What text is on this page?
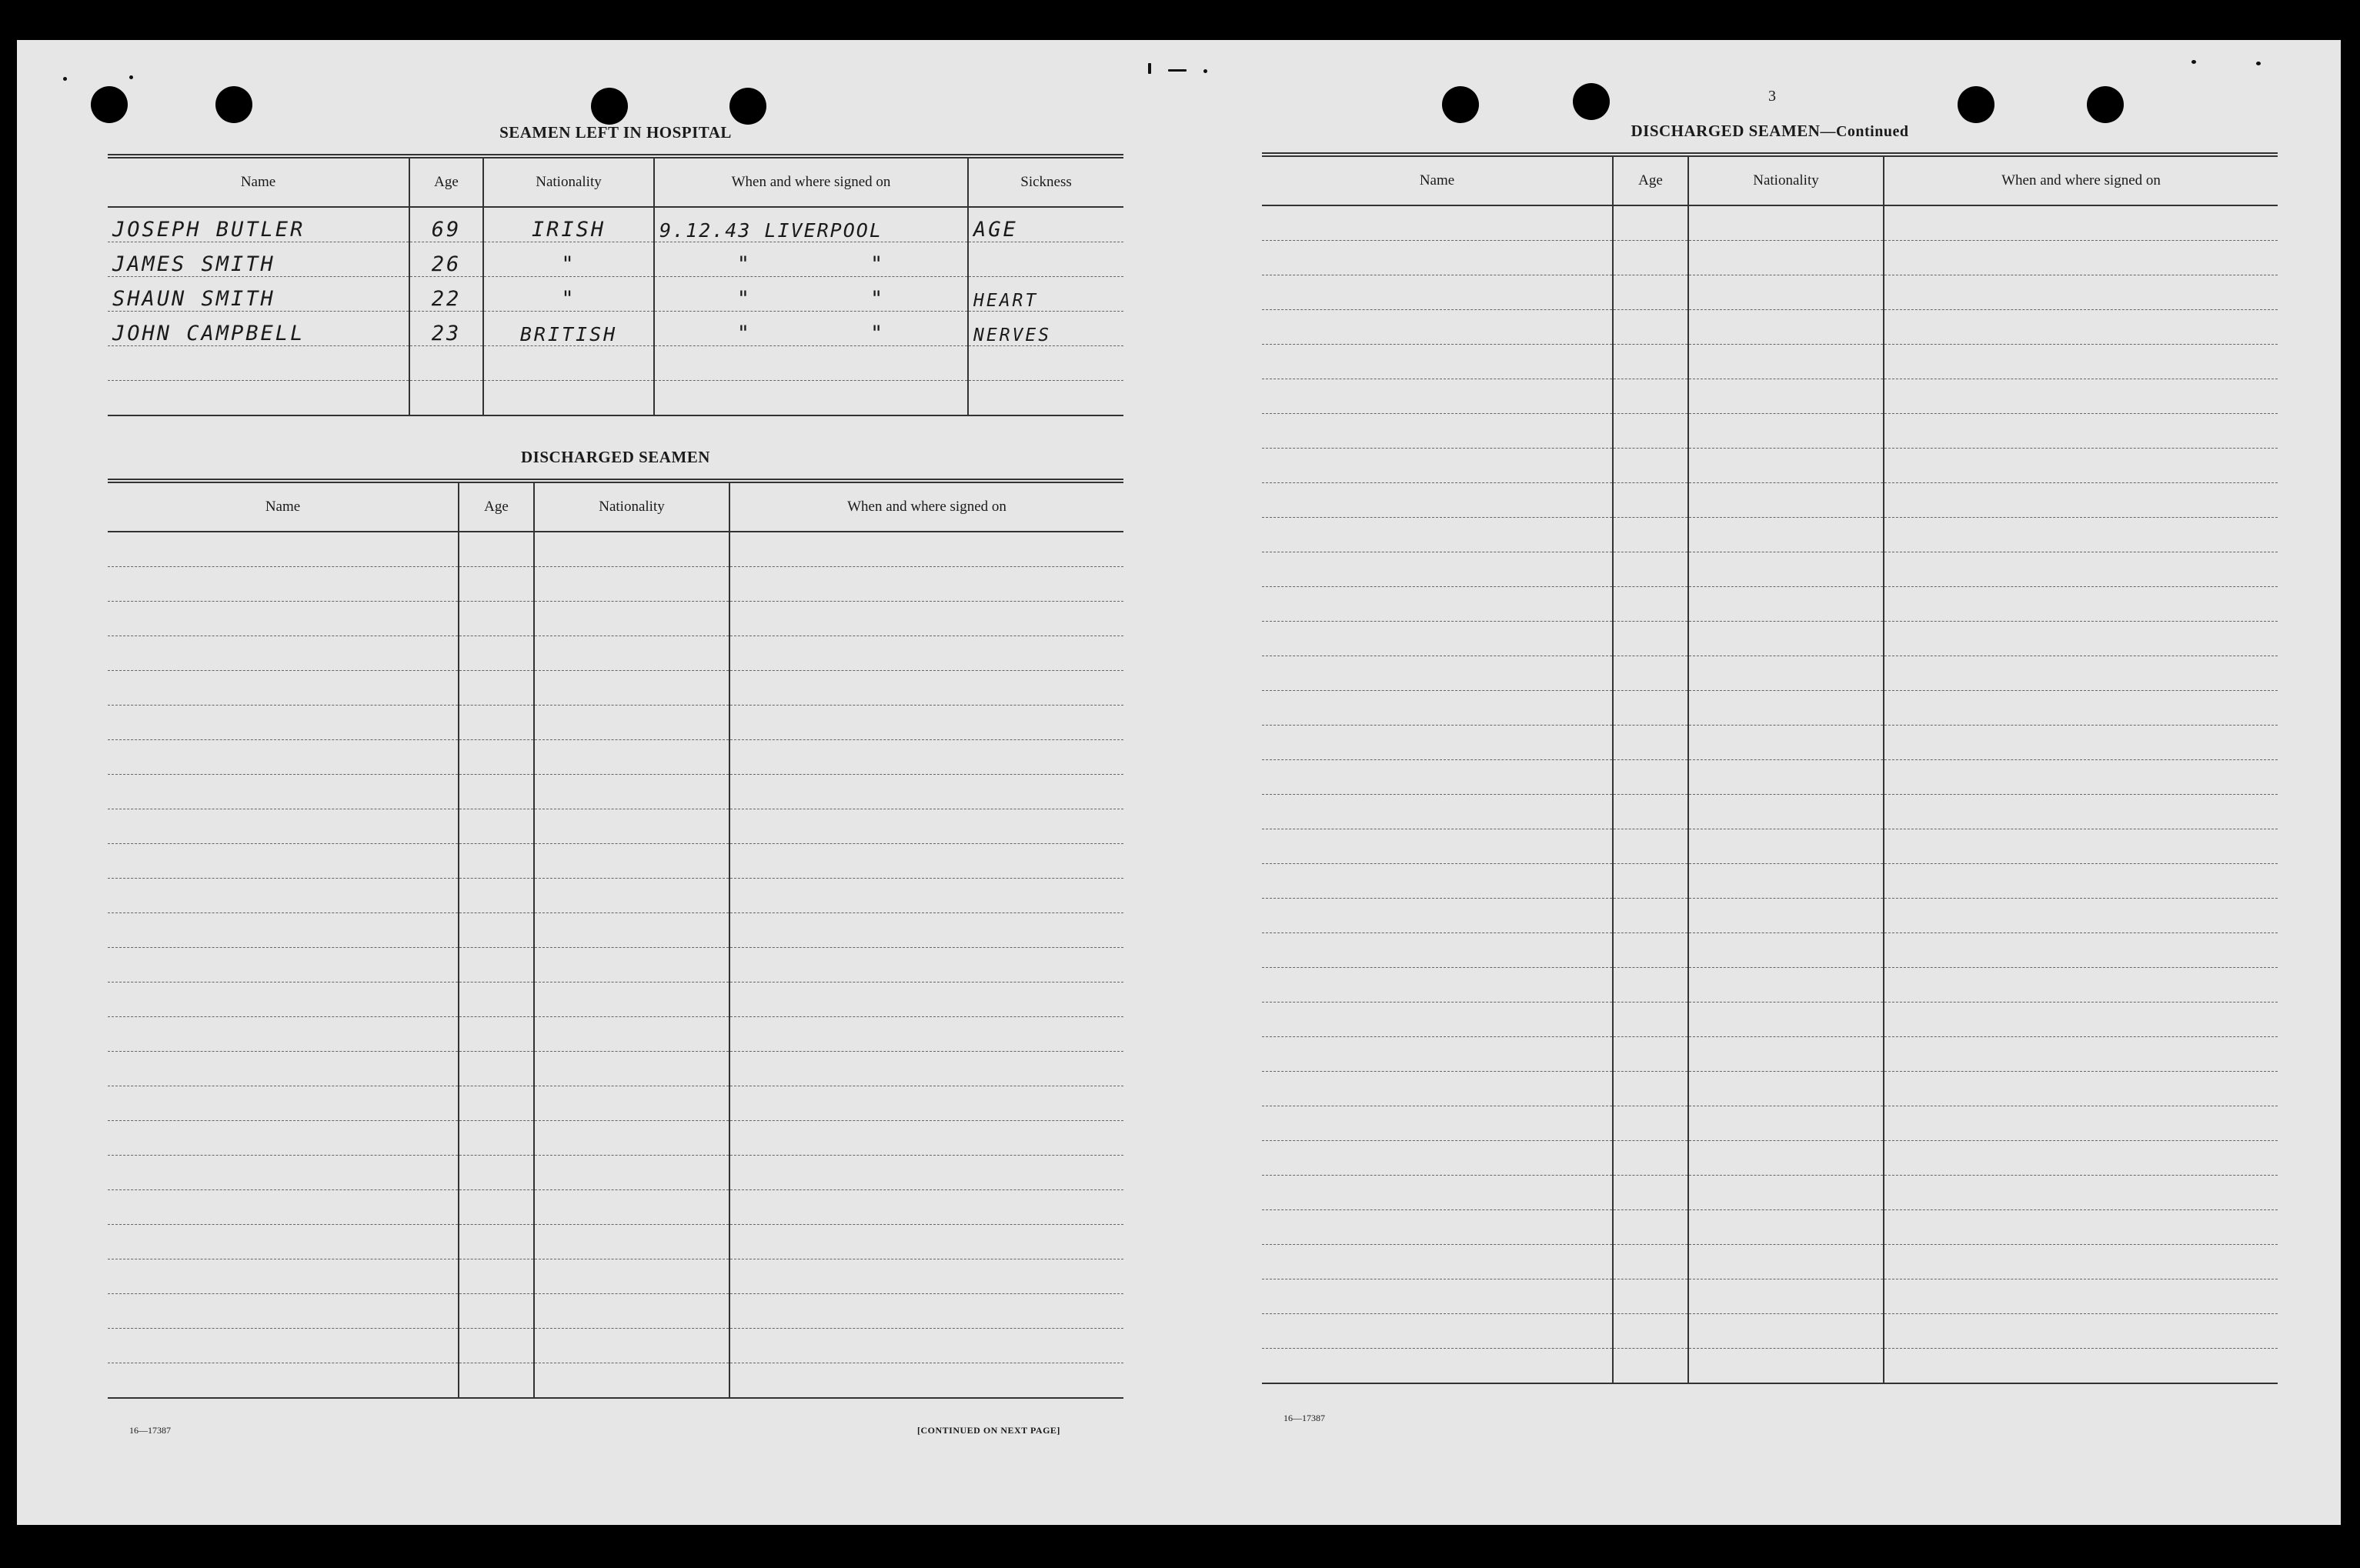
SEAMEN LEFT IN HOSPITAL
Name	Age	Nationality	When and where signed on	Sickness
JOSEPH BUTLER	69	IRISH	9.12.43 LIVERPOOL	AGE
JAMES SMITH	26	"	"        "	
SHAUN SMITH	22	"	"        "	HEART
JOHN CAMPBELL	23	BRITISH	"        "	NERVES

DISCHARGED SEAMEN
Name	Age	Nationality	When and where signed on

16—17387	[CONTINUED ON NEXT PAGE]
3
DISCHARGED SEAMEN—Continued
Name	Age	Nationality	When and where signed on

16—17387
